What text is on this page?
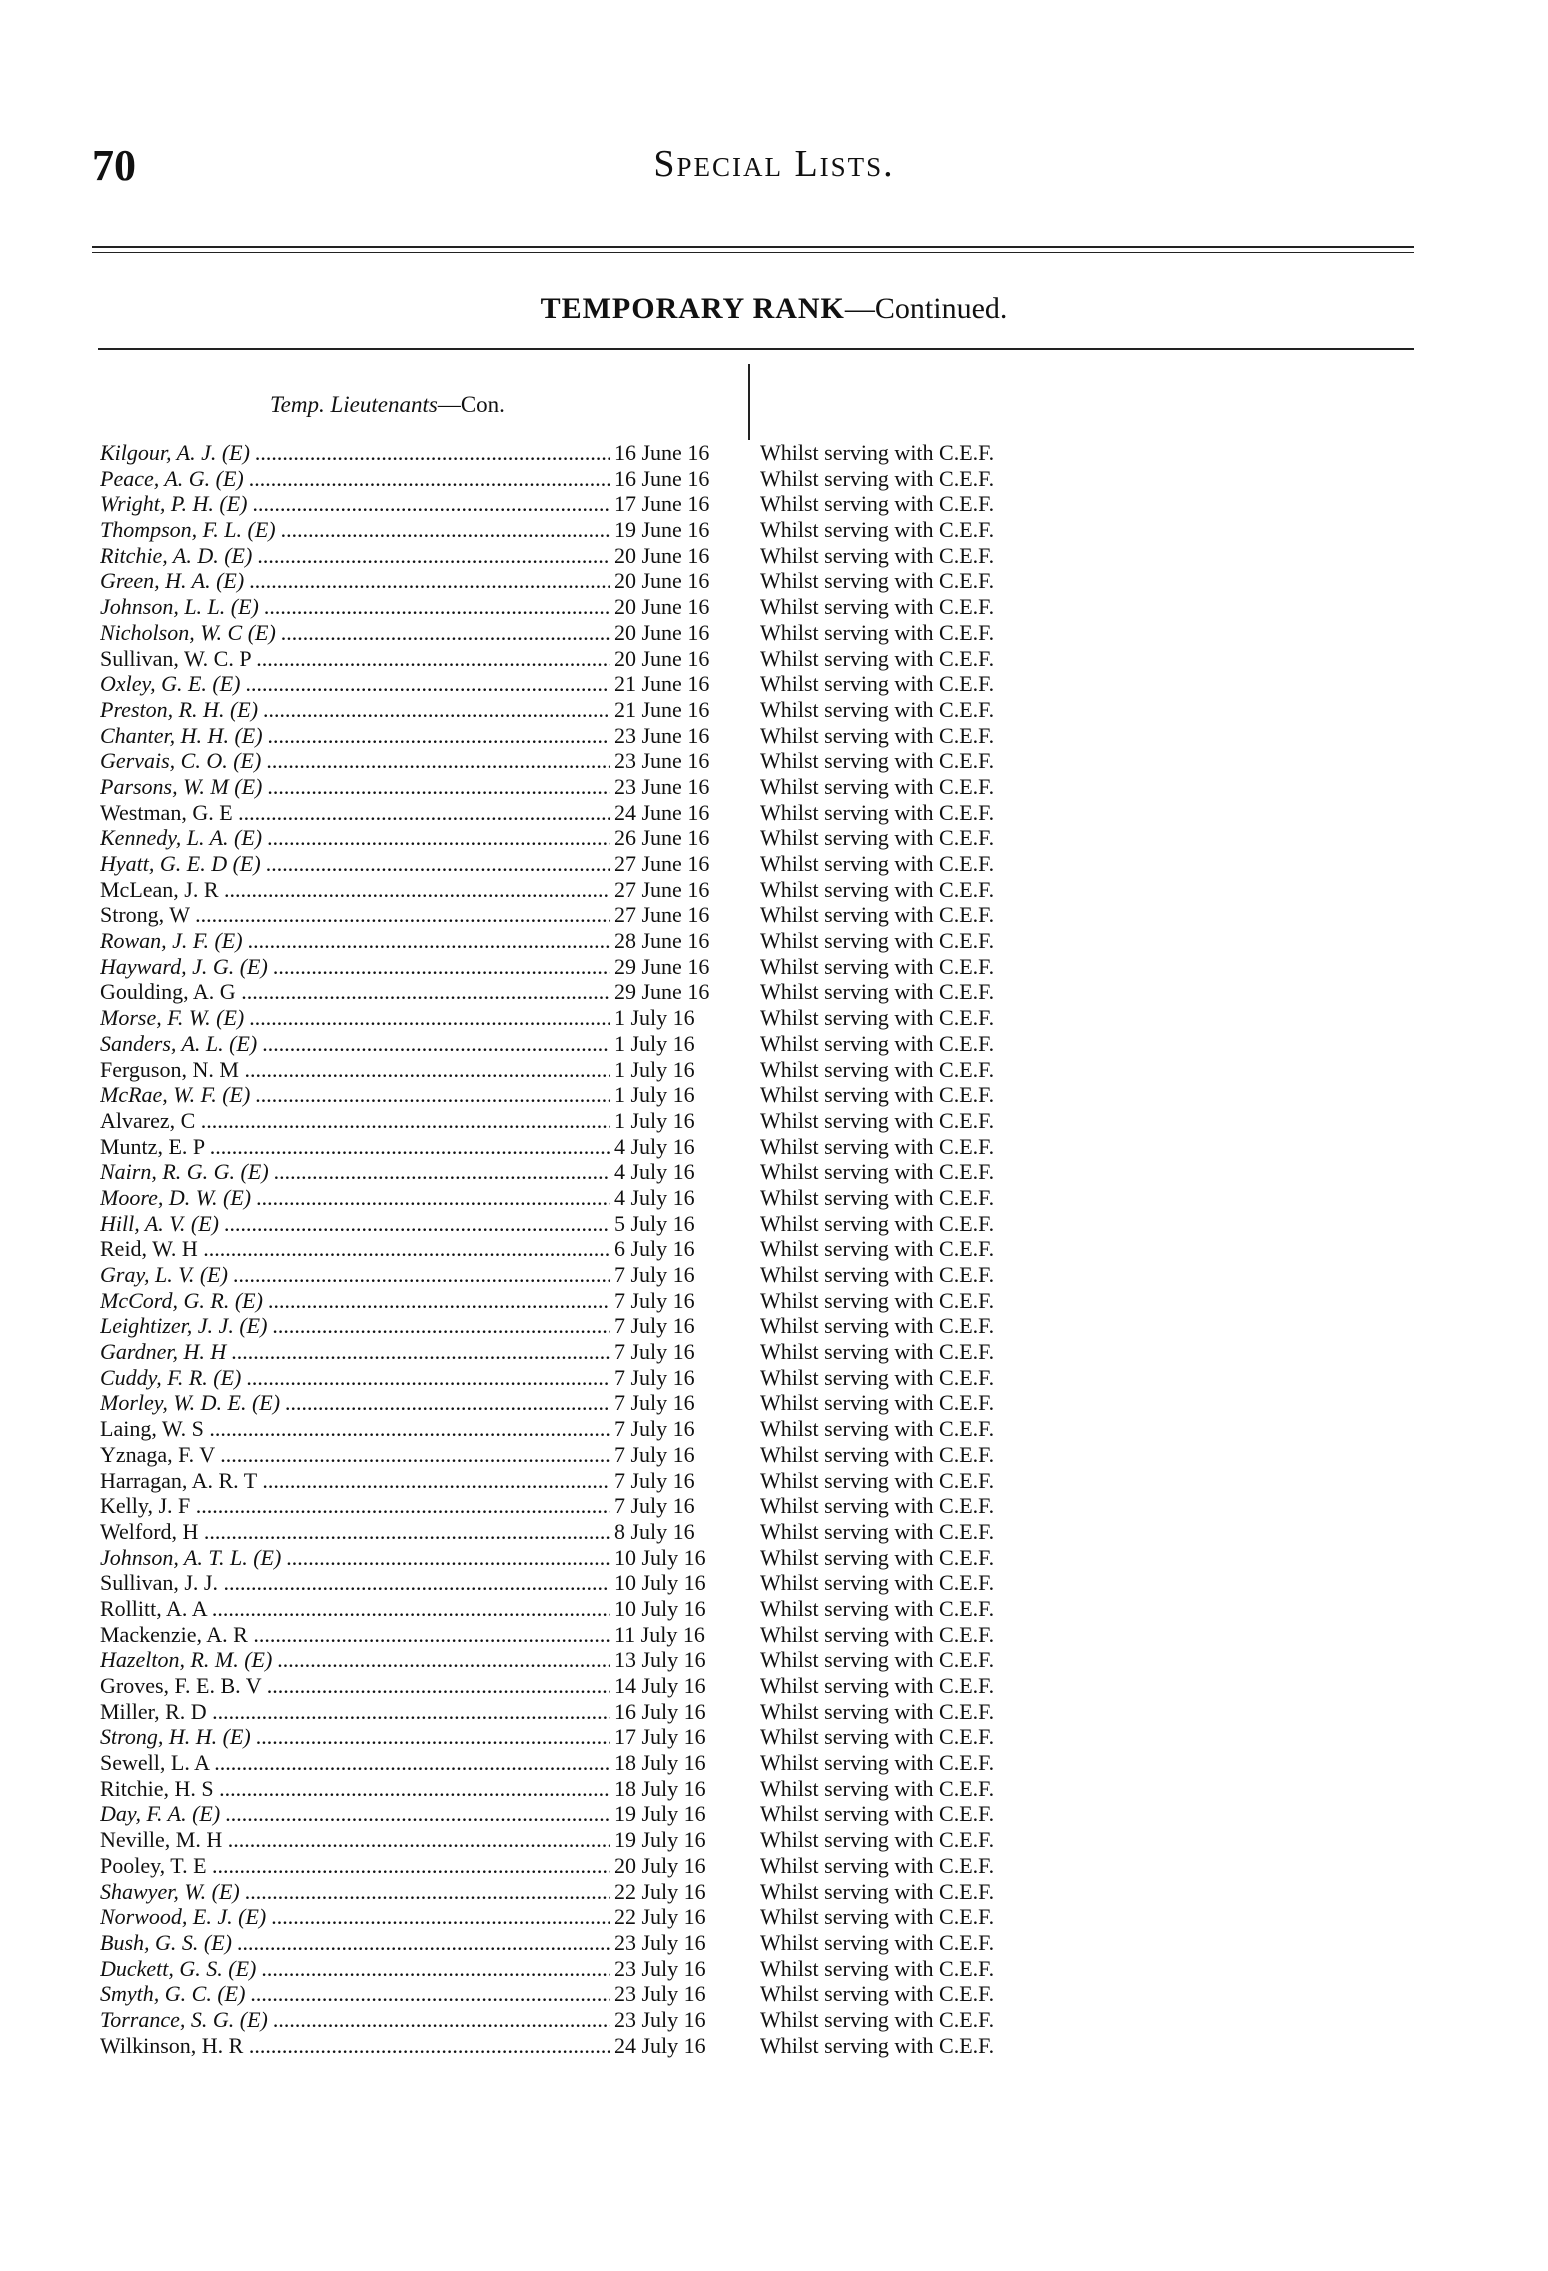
70	Special Lists.
TEMPORARY RANK—Continued.
Temp. Lieutenants—Con.
Kilgour, A. J. (E) .....	16 June 16	Whilst serving with C.E.F.
Peace, A. G. (E) .....	16 June 16	Whilst serving with C.E.F.
Wright, P. H. (E) .....	17 June 16	Whilst serving with C.E.F.
Thompson, F. L. (E) .....	19 June 16	Whilst serving with C.E.F.
Ritchie, A. D. (E) .....	20 June 16	Whilst serving with C.E.F.
Green, H. A. (E) .....	20 June 16	Whilst serving with C.E.F.
Johnson, L. L. (E) .....	20 June 16	Whilst serving with C.E.F.
Nicholson, W. C (E) .....	20 June 16	Whilst serving with C.E.F.
Sullivan, W. C. P .....	20 June 16	Whilst serving with C.E.F.
Oxley, G. E. (E) .....	21 June 16	Whilst serving with C.E.F.
Preston, R. H. (E) .....	21 June 16	Whilst serving with C.E.F.
Chanter, H. H. (E) .....	23 June 16	Whilst serving with C.E.F.
Gervais, C. O. (E) .....	23 June 16	Whilst serving with C.E.F.
Parsons, W. M (E) .....	23 June 16	Whilst serving with C.E.F.
Westman, G. E .....	24 June 16	Whilst serving with C.E.F.
Kennedy, L. A. (E) .....	26 June 16	Whilst serving with C.E.F.
Hyatt, G. E. D (E) .....	27 June 16	Whilst serving with C.E.F.
McLean, J. R .....	27 June 16	Whilst serving with C.E.F.
Strong, W .....	27 June 16	Whilst serving with C.E.F.
Rowan, J. F. (E) .....	28 June 16	Whilst serving with C.E.F.
Hayward, J. G. (E) .....	29 June 16	Whilst serving with C.E.F.
Goulding, A. G .....	29 June 16	Whilst serving with C.E.F.
Morse, F. W. (E) .....	1 July 16	Whilst serving with C.E.F.
Sanders, A. L. (E) .....	1 July 16	Whilst serving with C.E.F.
Ferguson, N. M .....	1 July 16	Whilst serving with C.E.F.
McRae, W. F. (E) .....	1 July 16	Whilst serving with C.E.F.
Alvarez, C .....	1 July 16	Whilst serving with C.E.F.
Muntz, E. P .....	4 July 16	Whilst serving with C.E.F.
Nairn, R. G. G. (E) .....	4 July 16	Whilst serving with C.E.F.
Moore, D. W. (E) .....	4 July 16	Whilst serving with C.E.F.
Hill, A. V. (E) .....	5 July 16	Whilst serving with C.E.F.
Reid, W. H .....	6 July 16	Whilst serving with C.E.F.
Gray, L. V. (E) .....	7 July 16	Whilst serving with C.E.F.
McCord, G. R. (E) .....	7 July 16	Whilst serving with C.E.F.
Leightizer, J. J. (E) .....	7 July 16	Whilst serving with C.E.F.
Gardner, H. H .....	7 July 16	Whilst serving with C.E.F.
Cuddy, F. R. (E) .....	7 July 16	Whilst serving with C.E.F.
Morley, W. D. E. (E) .....	7 July 16	Whilst serving with C.E.F.
Laing, W. S .....	7 July 16	Whilst serving with C.E.F.
Yznaga, F. V .....	7 July 16	Whilst serving with C.E.F.
Harragan, A. R. T .....	7 July 16	Whilst serving with C.E.F.
Kelly, J. F .....	7 July 16	Whilst serving with C.E.F.
Welford, H .....	8 July 16	Whilst serving with C.E.F.
Johnson, A. T. L. (E) .....	10 July 16	Whilst serving with C.E.F.
Sullivan, J. J. .....	10 July 16	Whilst serving with C.E.F.
Rollitt, A. A .....	10 July 16	Whilst serving with C.E.F.
Mackenzie, A. R .....	11 July 16	Whilst serving with C.E.F.
Hazelton, R. M. (E) .....	13 July 16	Whilst serving with C.E.F.
Groves, F. E. B. V .....	14 July 16	Whilst serving with C.E.F.
Miller, R. D .....	16 July 16	Whilst serving with C.E.F.
Strong, H. H. (E) .....	17 July 16	Whilst serving with C.E.F.
Sewell, L. A .....	18 July 16	Whilst serving with C.E.F.
Ritchie, H. S .....	18 July 16	Whilst serving with C.E.F.
Day, F. A. (E) .....	19 July 16	Whilst serving with C.E.F.
Neville, M. H .....	19 July 16	Whilst serving with C.E.F.
Pooley, T. E .....	20 July 16	Whilst serving with C.E.F.
Shawyer, W. (E) .....	22 July 16	Whilst serving with C.E.F.
Norwood, E. J. (E) .....	22 July 16	Whilst serving with C.E.F.
Bush, G. S. (E) .....	23 July 16	Whilst serving with C.E.F.
Duckett, G. S. (E) .....	23 July 16	Whilst serving with C.E.F.
Smyth, G. C. (E) .....	23 July 16	Whilst serving with C.E.F.
Torrance, S. G. (E) .....	23 July 16	Whilst serving with C.E.F.
Wilkinson, H. R .....	24 July 16	Whilst serving with C.E.F.
